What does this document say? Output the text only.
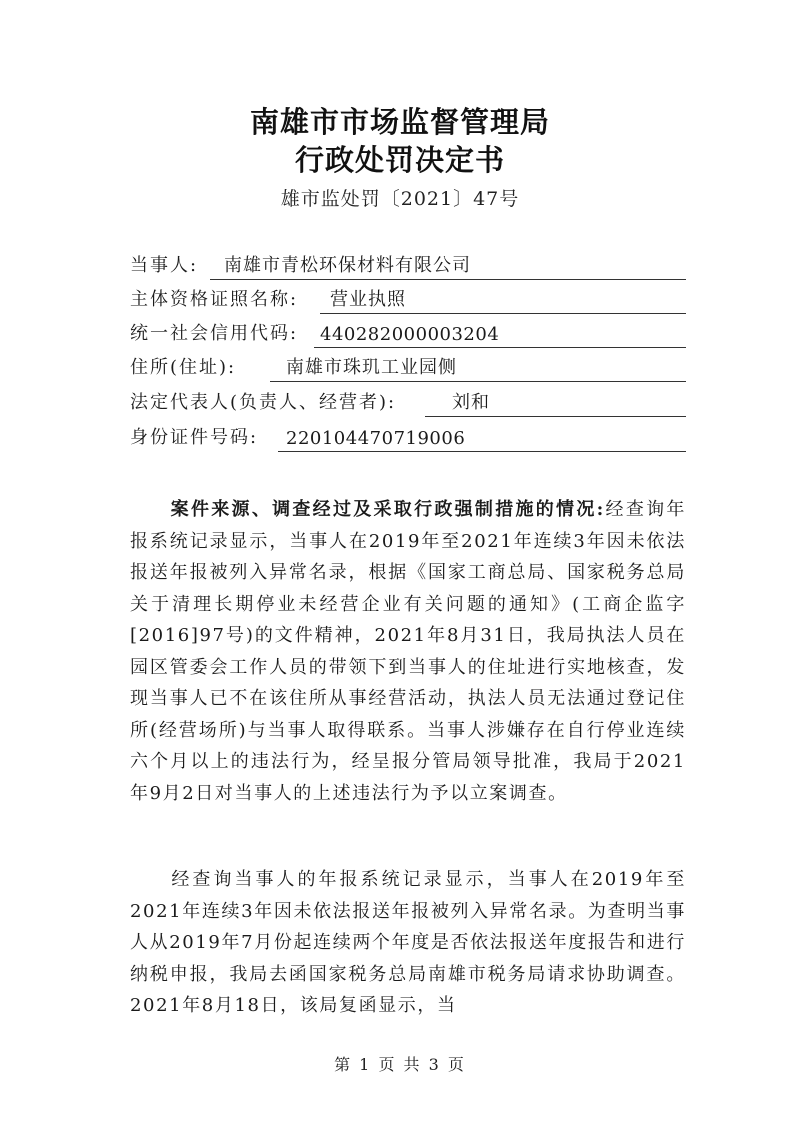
南雄市市场监督管理局
行政处罚决定书
雄市监处罚〔2021〕47号
当事人: 南雄市青松环保材料有限公司
主体资格证照名称: 营业执照
统一社会信用代码: 440282000003204
住所(住址):	南雄市珠玑工业园侧
法定代表人(负责人、经营者):	刘和
身份证件号码: 220104470719006
案件来源、调查经过及采取行政强制措施的情况:经查询年报系统记录显示，当事人在2019年至2021年连续3年因未依法报送年报被列入异常名录，根据《国家工商总局、国家税务总局关于清理长期停业未经营企业有关问题的通知》(工商企监字[2016]97号)的文件精神，2021年8月31日，我局执法人员在园区管委会工作人员的带领下到当事人的住址进行实地核查，发现当事人已不在该住所从事经营活动，执法人员无法通过登记住所(经营场所)与当事人取得联系。当事人涉嫌存在自行停业连续六个月以上的违法行为，经呈报分管局领导批准，我局于2021年9月2日对当事人的上述违法行为予以立案调查。
经查询当事人的年报系统记录显示，当事人在2019年至2021年连续3年因未依法报送年报被列入异常名录。为查明当事人从2019年7月份起连续两个年度是否依法报送年度报告和进行纳税申报，我局去函国家税务总局南雄市税务局请求协助调查。2021年8月18日，该局复函显示，当
第 1 页 共 3 页
